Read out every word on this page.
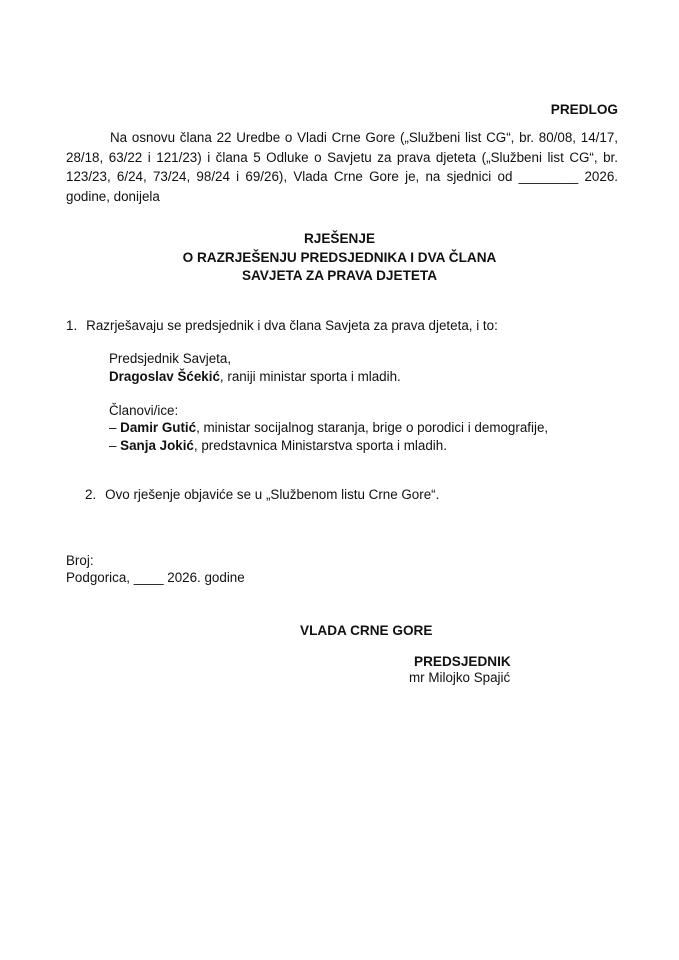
PREDLOG
Na osnovu člana 22 Uredbe o Vladi Crne Gore („Službeni list CG“, br. 80/08, 14/17, 28/18, 63/22 i 121/23) i člana 5 Odluke o Savjetu za prava djeteta („Službeni list CG“, br. 123/23, 6/24, 73/24, 98/24 i 69/26), Vlada Crne Gore je, na sjednici od ________ 2026. godine, donijela
RJEŠENJE
O RAZRJEŠENJU PREDSJEDNIKA I DVA ČLANA
SAVJETA ZA PRAVA DJETETA
1. Razrješavaju se predsjednik i dva člana Savjeta za prava djeteta, i to:
Predsjednik Savjeta,
Dragoslav Šćekić, raniji ministar sporta i mladih.
Članovi/ice:
– Damir Gutić, ministar socijalnog staranja, brige o porodici i demografije,
– Sanja Jokić, predstavnica Ministarstva sporta i mladih.
2. Ovo rješenje objaviće se u „Službenom listu Crne Gore“.
Broj:
Podgorica, ____ 2026. godine
VLADA CRNE GORE
PREDSJEDNIK
mr Milojko Spajić
